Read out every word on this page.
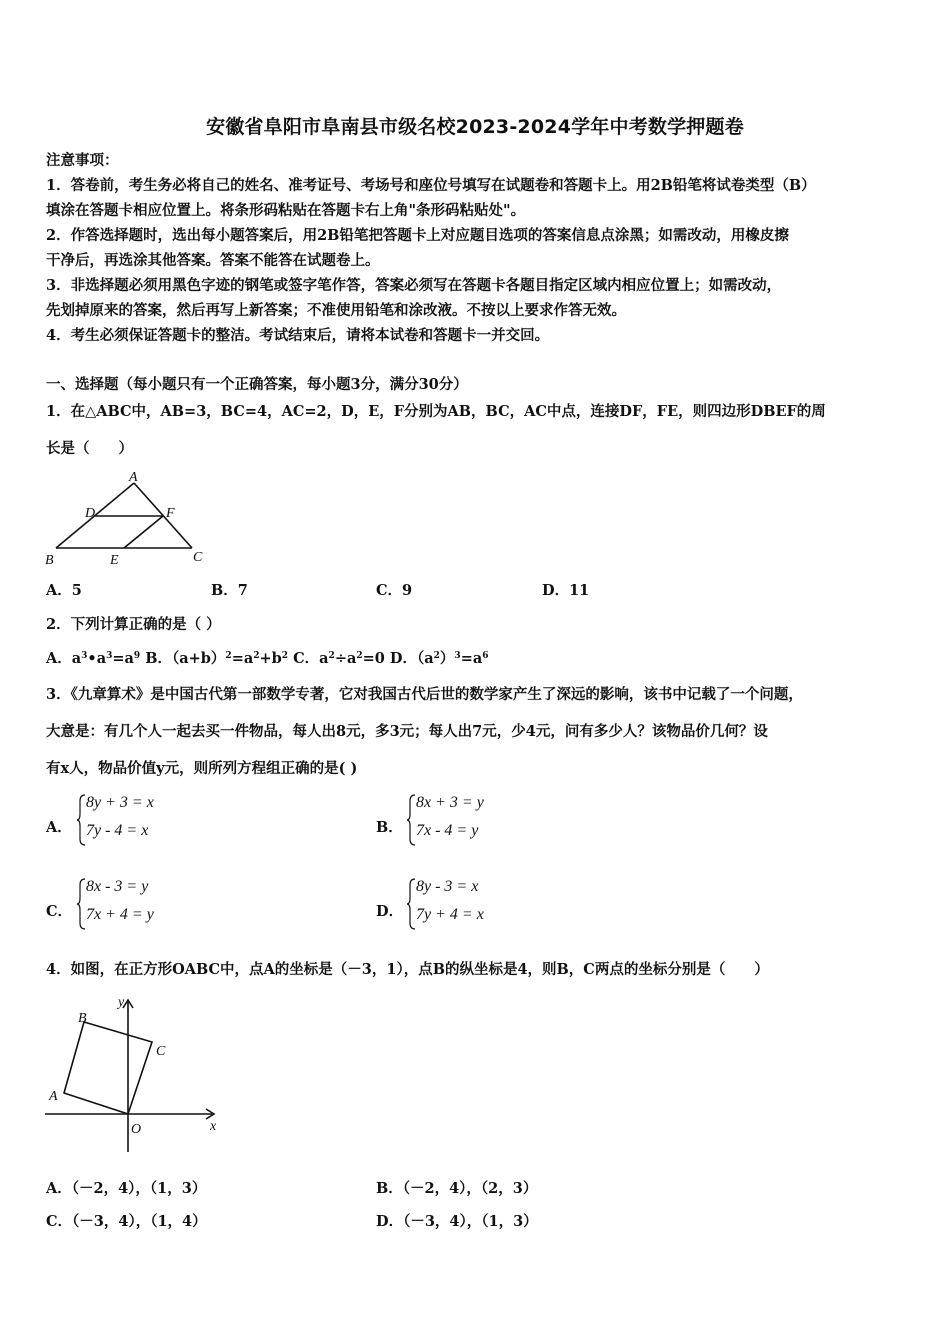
安徽省阜阳市阜南县市级名校2023-2024学年中考数学押题卷
注意事项：
1．答卷前，考生务必将自己的姓名、准考证号、考场号和座位号填写在试题卷和答题卡上。用2B铅笔将试卷类型（B）
填涂在答题卡相应位置上。将条形码粘贴在答题卡右上角"条形码粘贴处"。
2．作答选择题时，选出每小题答案后，用2B铅笔把答题卡上对应题目选项的答案信息点涂黑；如需改动，用橡皮擦
干净后，再选涂其他答案。答案不能答在试题卷上。
3．非选择题必须用黑色字迹的钢笔或签字笔作答，答案必须写在答题卡各题目指定区域内相应位置上；如需改动，
先划掉原来的答案，然后再写上新答案；不准使用铅笔和涂改液。不按以上要求作答无效。
4．考生必须保证答题卡的整洁。考试结束后，请将本试卷和答题卡一并交回。
一、选择题（每小题只有一个正确答案，每小题3分，满分30分）
1．在△ABC中，AB=3，BC=4，AC=2，D，E，F分别为AB，BC，AC中点，连接DF，FE，则四边形DBEF的周
长是（　　）
A
D	F
B	E	C
A．5	B．7	C．9	D．11
2．下列计算正确的是（ ）
A．$a^3•a^3=a^9$ B．$(a+b)^2=a^2+b^2$ C．$a^2\div a^2=0$ D．$(a^2)^3=a^6$
3．《九章算术》是中国古代第一部数学专著，它对我国古代后世的数学家产生了深远的影响，该书中记载了一个问题，
大意是：有几个人一起去买一件物品，每人出8元，多3元；每人出7元，少4元，问有多少人？该物品价几何？设
有x人，物品价值y元，则所列方程组正确的是( )
A．
8y + 3 = x
7y - 4 = x	B．
8x + 3 = y
7x - 4 = y
C．
8x - 3 = y
7x + 4 = y	D．
8y - 3 = x
7y + 4 = x
4．如图，在正方形OABC中，点A的坐标是（－3，1），点B的纵坐标是4，则B，C两点的坐标分别是（　　）
y
x
B
C
A
O
A．（－2，4），（1，3）	B．（－2，4），（2，3）
C．（－3，4），（1，4）	D．（－3，4），（1，3）
